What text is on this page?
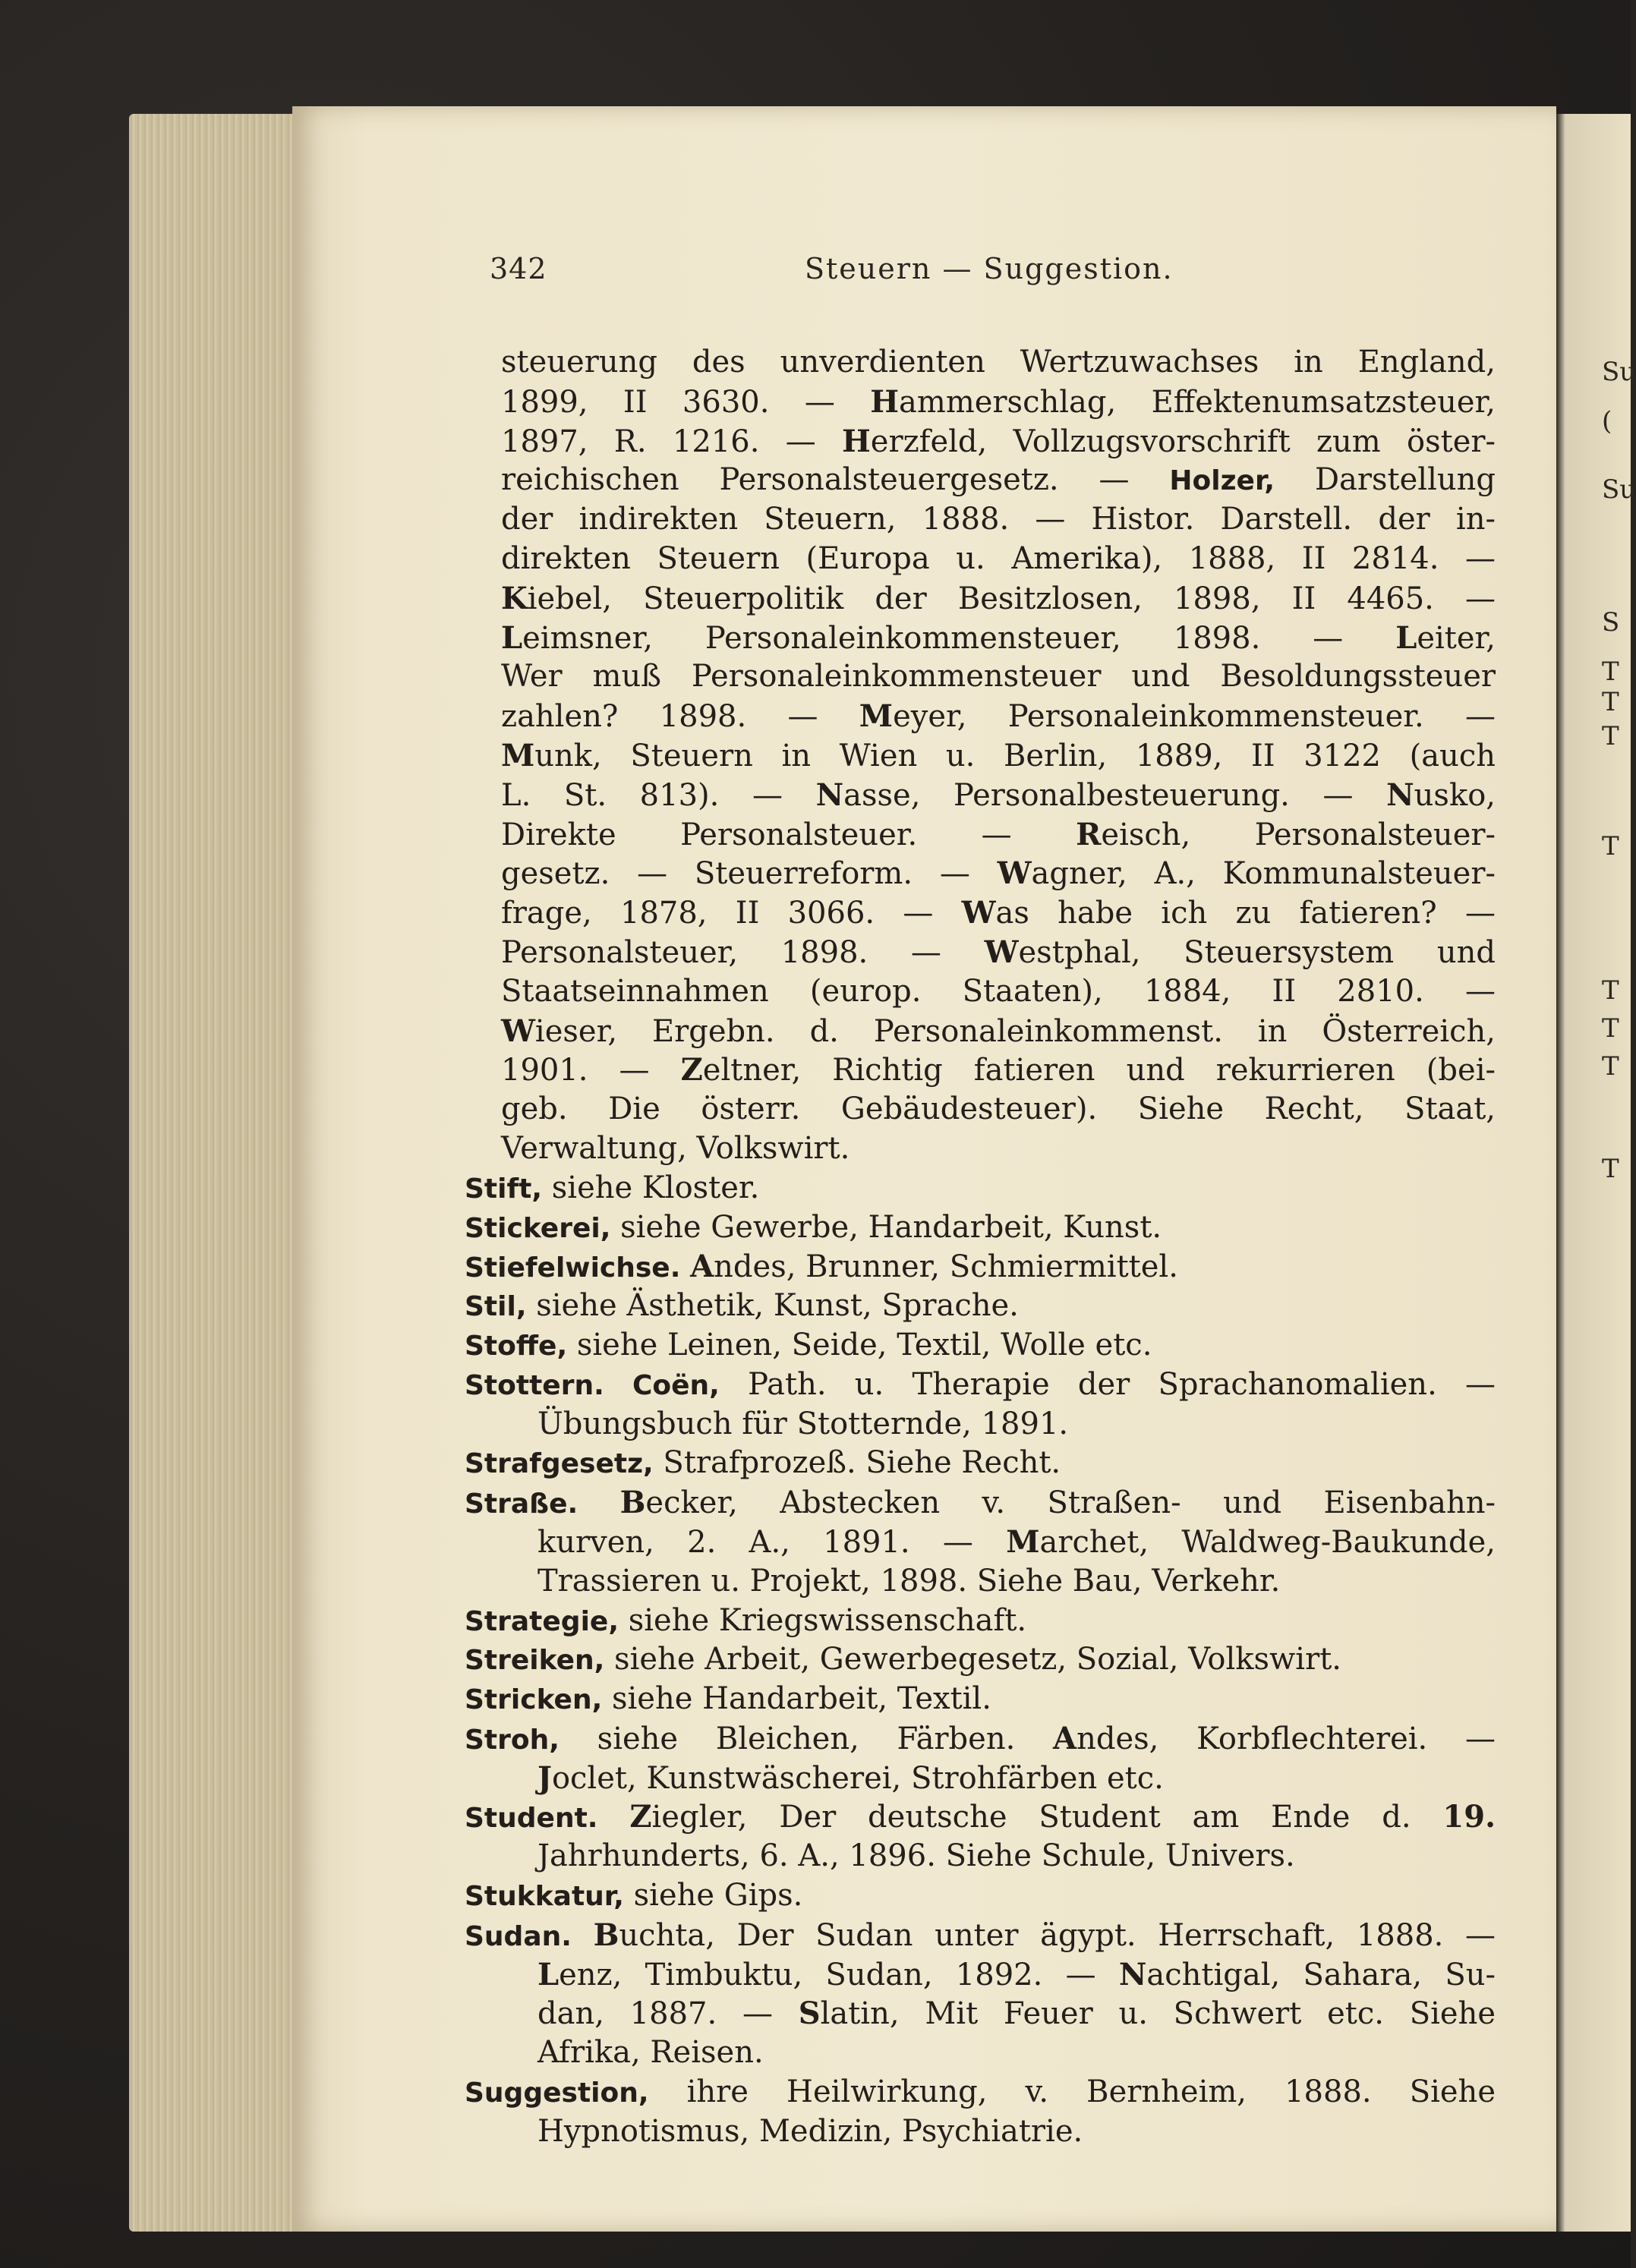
Su
(
Su
S
T
T
T
T
T
T
T
T
342	Steuern — Suggestion.
steuerung des unverdienten Wertzuwachses in England,
1899, II 3630. — Hammerschlag, Effektenumsatzsteuer,
1897, R. 1216. — Herzfeld, Vollzugsvorschrift zum öster-
reichischen Personalsteuergesetz. — Holzer, Darstellung
der indirekten Steuern, 1888. — Histor. Darstell. der in-
direkten Steuern (Europa u. Amerika), 1888, II 2814. —
Kiebel, Steuerpolitik der Besitzlosen, 1898, II 4465. —
Leimsner, Personaleinkommensteuer, 1898. — Leiter,
Wer muß Personaleinkommensteuer und Besoldungssteuer
zahlen? 1898. — Meyer, Personaleinkommensteuer. —
Munk, Steuern in Wien u. Berlin, 1889, II 3122 (auch
L. St. 813). — Nasse, Personalbesteuerung. — Nusko,
Direkte Personalsteuer. — Reisch, Personalsteuer-
gesetz. — Steuerreform. — Wagner, A., Kommunalsteuer-
frage, 1878, II 3066. — Was habe ich zu fatieren? —
Personalsteuer, 1898. — Westphal, Steuersystem und
Staatseinnahmen (europ. Staaten), 1884, II 2810. —
Wieser, Ergebn. d. Personaleinkommenst. in Österreich,
1901. — Zeltner, Richtig fatieren und rekurrieren (bei-
geb. Die österr. Gebäudesteuer). Siehe Recht, Staat,
Verwaltung, Volkswirt.
Stift, siehe Kloster.
Stickerei, siehe Gewerbe, Handarbeit, Kunst.
Stiefelwichse. Andes, Brunner, Schmiermittel.
Stil, siehe Ästhetik, Kunst, Sprache.
Stoffe, siehe Leinen, Seide, Textil, Wolle etc.
Stottern. Coën, Path. u. Therapie der Sprachanomalien. —
Übungsbuch für Stotternde, 1891.
Strafgesetz, Strafprozeß. Siehe Recht.
Straße. Becker, Abstecken v. Straßen- und Eisenbahn-
kurven, 2. A., 1891. — Marchet, Waldweg-Baukunde,
Trassieren u. Projekt, 1898. Siehe Bau, Verkehr.
Strategie, siehe Kriegswissenschaft.
Streiken, siehe Arbeit, Gewerbegesetz, Sozial, Volkswirt.
Stricken, siehe Handarbeit, Textil.
Stroh, siehe Bleichen, Färben. Andes, Korbflechterei. —
Joclet, Kunstwäscherei, Strohfärben etc.
Student. Ziegler, Der deutsche Student am Ende d. 19.
Jahrhunderts, 6. A., 1896. Siehe Schule, Univers.
Stukkatur, siehe Gips.
Sudan. Buchta, Der Sudan unter ägypt. Herrschaft, 1888. —
Lenz, Timbuktu, Sudan, 1892. — Nachtigal, Sahara, Su-
dan, 1887. — Slatin, Mit Feuer u. Schwert etc. Siehe
Afrika, Reisen.
Suggestion, ihre Heilwirkung, v. Bernheim, 1888. Siehe
Hypnotismus, Medizin, Psychiatrie.
